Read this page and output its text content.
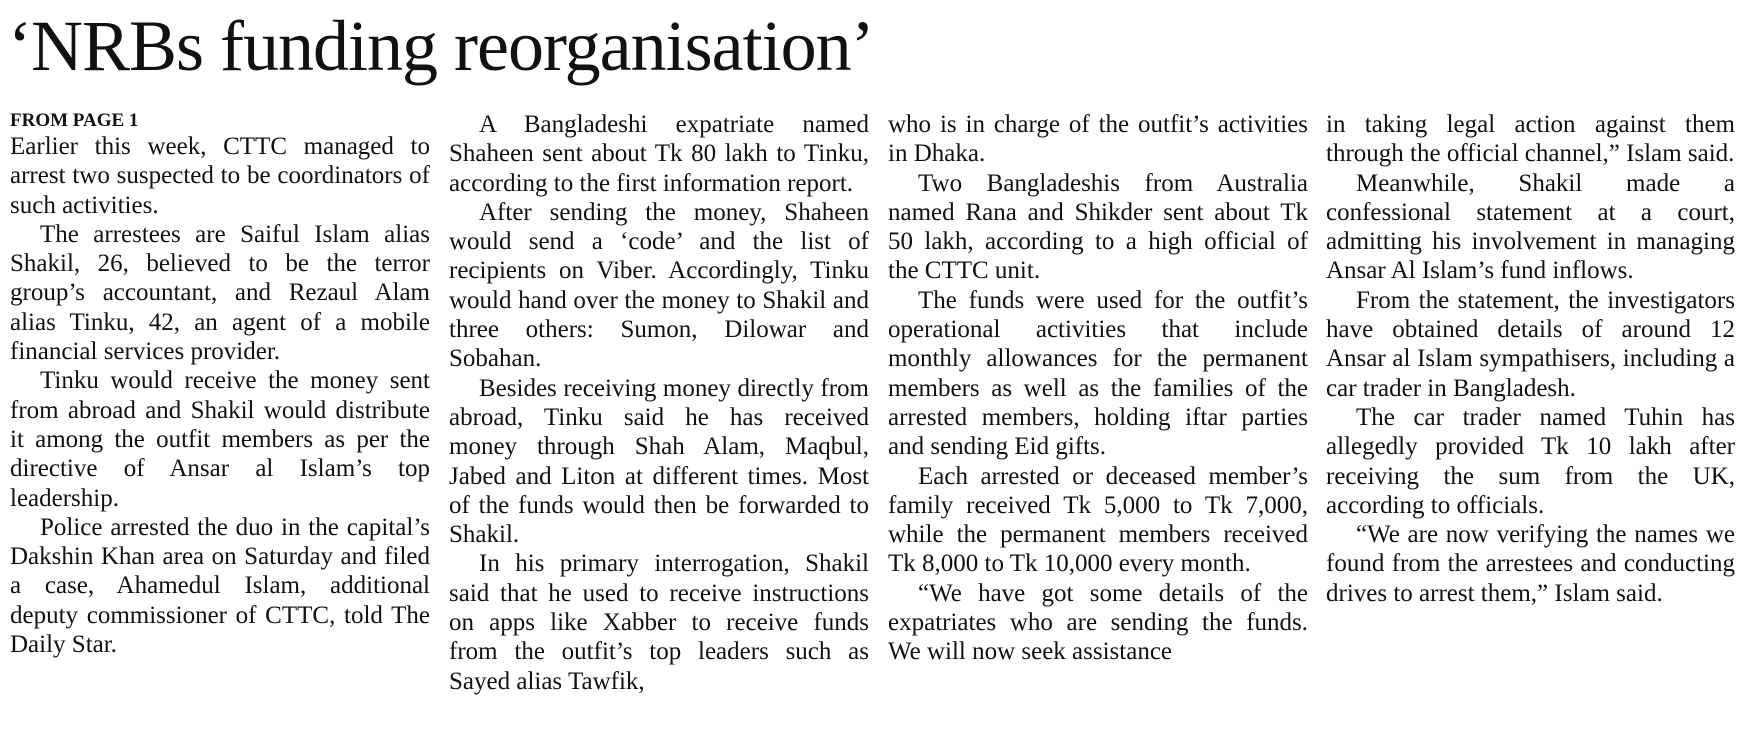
‘NRBs funding reorganisation’
FROM PAGE 1

Earlier this week, CTTC managed to arrest two suspected to be coordinators of such activities.

The arrestees are Saiful Islam alias Shakil, 26, believed to be the terror group’s accountant, and Rezaul Alam alias Tinku, 42, an agent of a mobile financial services provider.

Tinku would receive the money sent from abroad and Shakil would distribute it among the outfit members as per the directive of Ansar al Islam’s top leadership.

Police arrested the duo in the capital’s Dakshin Khan area on Saturday and filed a case, Ahamedul Islam, additional deputy commissioner of CTTC, told The Daily Star.

A Bangladeshi expatriate named Shaheen sent about Tk 80 lakh to Tinku, according to the first information report.

After sending the money, Shaheen would send a ‘code’ and the list of recipients on Viber. Accordingly, Tinku would hand over the money to Shakil and three others: Sumon, Dilowar and Sobahan.

Besides receiving money directly from abroad, Tinku said he has received money through Shah Alam, Maqbul, Jabed and Liton at different times. Most of the funds would then be forwarded to Shakil.

In his primary interrogation, Shakil said that he used to receive instructions on apps like Xabber to receive funds from the outfit’s top leaders such as Sayed alias Tawfik,

who is in charge of the outfit’s activities in Dhaka.

Two Bangladeshis from Australia named Rana and Shikder sent about Tk 50 lakh, according to a high official of the CTTC unit.

The funds were used for the outfit’s operational activities that include monthly allowances for the permanent members as well as the families of the arrested members, holding iftar parties and sending Eid gifts.

Each arrested or deceased member’s family received Tk 5,000 to Tk 7,000, while the permanent members received Tk 8,000 to Tk 10,000 every month.

“We have got some details of the expatriates who are sending the funds. We will now seek assistance

in taking legal action against them through the official channel,” Islam said.

Meanwhile, Shakil made a confessional statement at a court, admitting his involvement in managing Ansar Al Islam’s fund inflows.

From the statement, the investigators have obtained details of around 12 Ansar al Islam sympathisers, including a car trader in Bangladesh.

The car trader named Tuhin has allegedly provided Tk 10 lakh after receiving the sum from the UK, according to officials.

“We are now verifying the names we found from the arrestees and conducting drives to arrest them,” Islam said.
